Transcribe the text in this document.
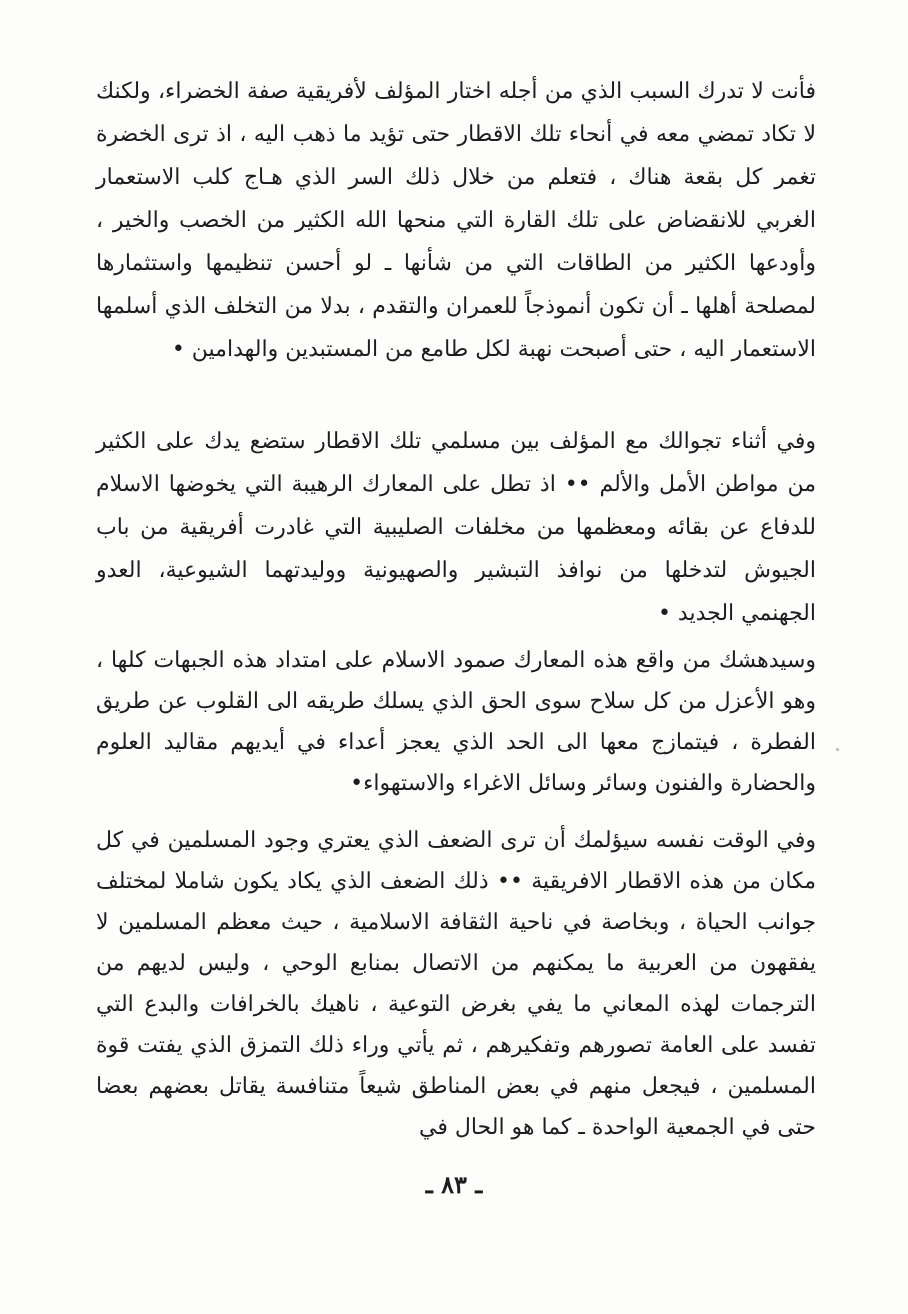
فأنت لا تدرك السبب الذي من أجله اختار المؤلف لأفريقية صفة الخضراء، ولكنك لا تكاد تمضي معه في أنحاء تلك الاقطار حتى تؤيد ما ذهب اليه ، اذ ترى الخضرة تغمر كل بقعة هناك ، فتعلم من خلال ذلك السر الذي هـاج كلب الاستعمار الغربي للانقضاض على تلك القارة التي منحها الله الكثير من الخصب والخير ، وأودعها الكثير من الطاقات التي من شأنها ـ لو أحسن تنظيمها واستثمارها لمصلحة أهلها ـ أن تكون أنموذجاً للعمران والتقدم ، بدلا من التخلف الذي أسلمها الاستعمار اليه ، حتى أصبحت نهبة لكل طامع من المستبدين والهدامين •

وفي أثناء تجوالك مع المؤلف بين مسلمي تلك الاقطار ستضع يدك على الكثير من مواطن الأمل والألم •• اذ تطل على المعارك الرهيبة التي يخوضها الاسلام للدفاع عن بقائه ومعظمها من مخلفات الصليبية التي غادرت أفريقية من باب الجيوش لتدخلها من نوافذ التبشير والصهيونية ووليدتهما الشيوعية، العدو الجهنمي الجديد •

وسيدهشك من واقع هذه المعارك صمود الاسلام على امتداد هذه الجبهات كلها ، وهو الأعزل من كل سلاح سوى الحق الذي يسلك طريقه الى القلوب عن طريق الفطرة ، فيتمازج معها الى الحد الذي يعجز أعداء في أيديهم مقاليد العلوم والحضارة والفنون وسائر وسائل الاغراء والاستهواء•

وفي الوقت نفسه سيؤلمك أن ترى الضعف الذي يعتري وجود المسلمين في كل مكان من هذه الاقطار الافريقية •• ذلك الضعف الذي يكاد يكون شاملا لمختلف جوانب الحياة ، وبخاصة في ناحية الثقافة الاسلامية ، حيث معظم المسلمين لا يفقهون من العربية ما يمكنهم من الاتصال بمنابع الوحي ، وليس لديهم من الترجمات لهذه المعاني ما يفي بغرض التوعية ، ناهيك بالخرافات والبدع التي تفسد على العامة تصورهم وتفكيرهم ، ثم يأتي وراء ذلك التمزق الذي يفتت قوة المسلمين ، فيجعل منهم في بعض المناطق شيعاً متنافسة يقاتل بعضهم بعضا حتى في الجمعية الواحدة ـ كما هو الحال في

ـ ٨٣ ـ
